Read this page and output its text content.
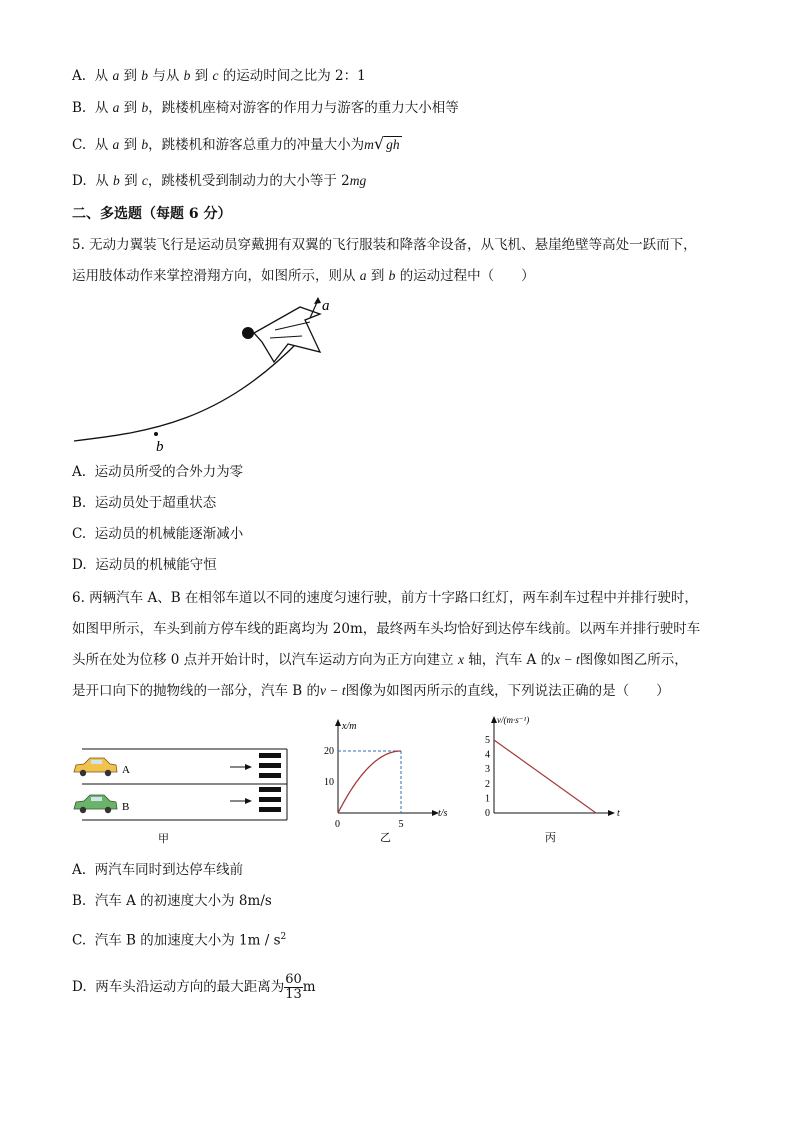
A. 从 a 到 b 与从 b 到 c 的运动时间之比为 2：1
B. 从 a 到 b，跳楼机座椅对游客的作用力与游客的重力大小相等
C. 从 a 到 b，跳楼机和游客总重力的冲量大小为m√ gh
D. 从 b 到 c，跳楼机受到制动力的大小等于 2mg
二、多选题（每题 6 分）
5. 无动力翼装飞行是运动员穿戴拥有双翼的飞行服装和降落伞设备，从飞机、悬崖绝壁等高处一跃而下，
运用肢体动作来掌控滑翔方向，如图所示，则从 a 到 b 的运动过程中（　　）
b
a
A. 运动员所受的合外力为零
B. 运动员处于超重状态
C. 运动员的机械能逐渐减小
D. 运动员的机械能守恒
6. 两辆汽车 A、B 在相邻车道以不同的速度匀速行驶，前方十字路口红灯，两车刹车过程中并排行驶时，
如图甲所示，车头到前方停车线的距离均为 20m，最终两车头均恰好到达停车线前。以两车并排行驶时车
头所在处为位移 0 点并开始计时，以汽车运动方向为正方向建立 x 轴，汽车 A 的x − t图像如图乙所示，
是开口向下的抛物线的一部分，汽车 B 的v − t图像为如图丙所示的直线，下列说法正确的是（　　）
A
B
甲
x/m
t/s
0
10
20
5
乙
v/(m·s⁻¹)
t
0
1
2
3
4
5
丙
A. 两汽车同时到达停车线前
B. 汽车 A 的初速度大小为 8m/s
C. 汽车 B 的加速度大小为 $1m / s^2$
D. 两车头沿运动方向的最大距离为 $\frac{60}{13}$ m
